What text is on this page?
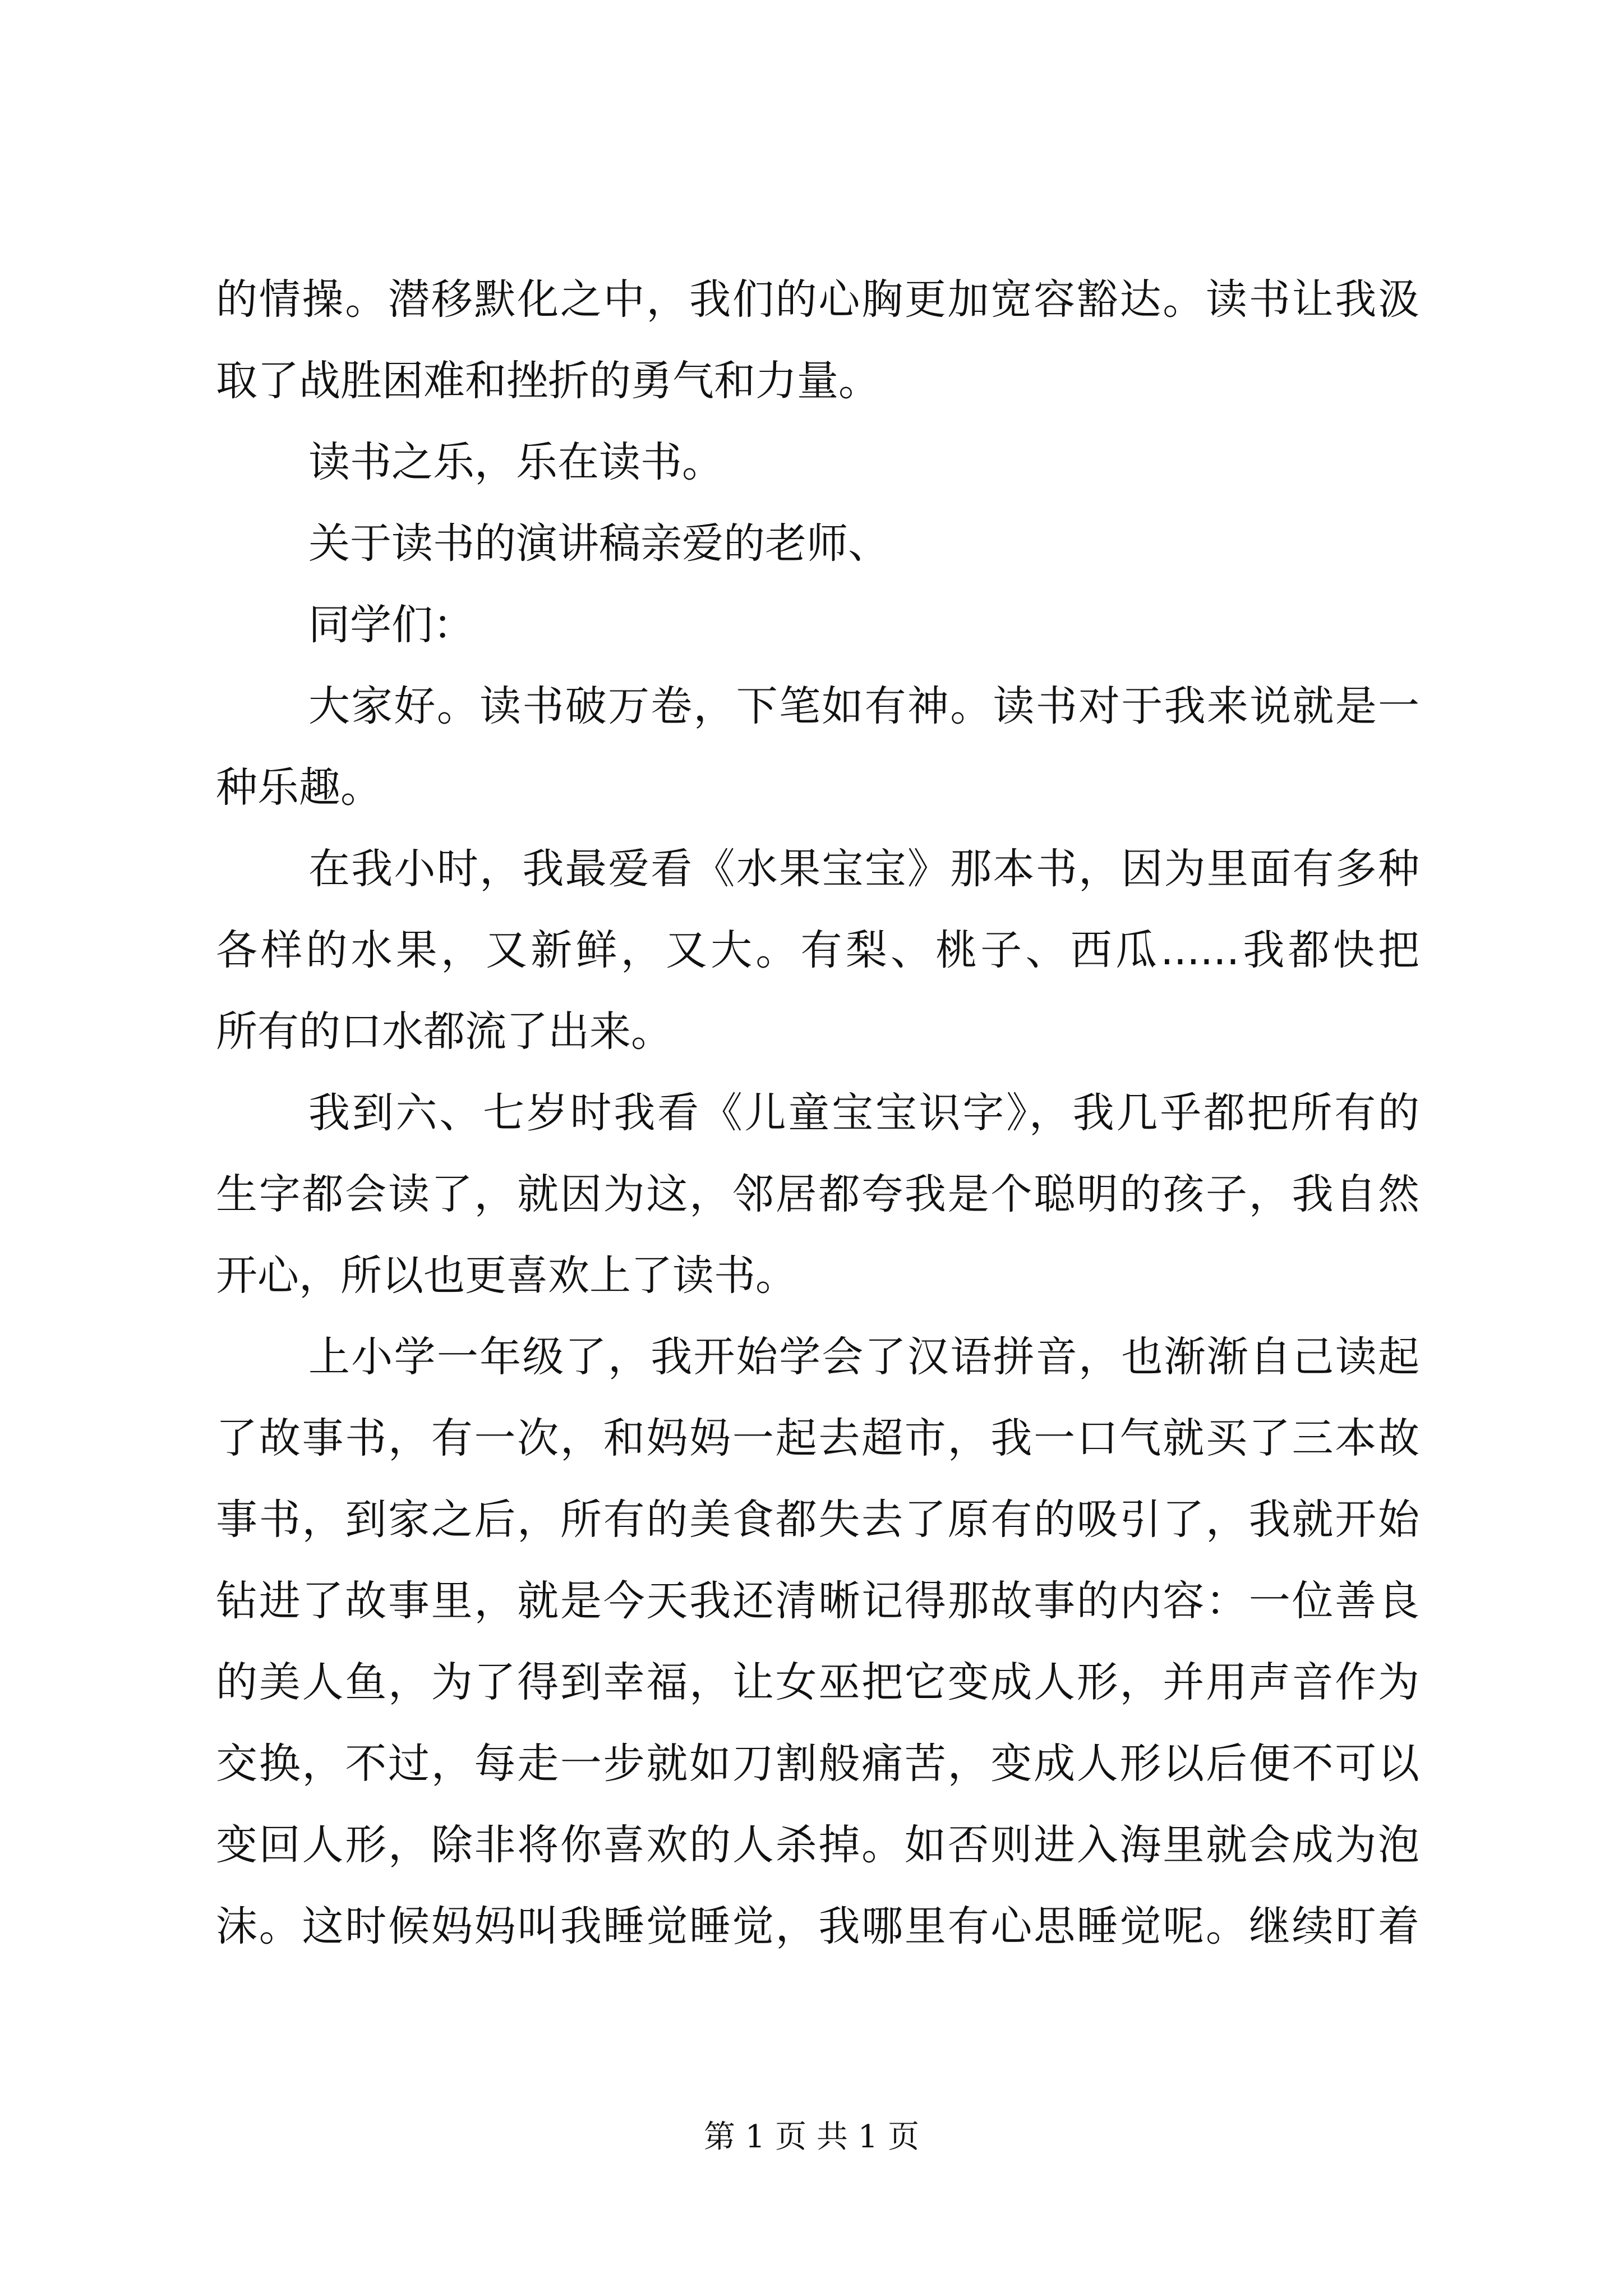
的情操。潜移默化之中，我们的心胸更加宽容豁达。读书让我汲
取了战胜困难和挫折的勇气和力量。
读书之乐，乐在读书。
关于读书的演讲稿亲爱的老师、
同学们：
大家好。读书破万卷，下笔如有神。读书对于我来说就是一
种乐趣。
在我小时，我最爱看《水果宝宝》那本书，因为里面有多种
各样的水果，又新鲜，又大。有梨、桃子、西瓜......我都快把
所有的口水都流了出来。
我到六、七岁时我看《儿童宝宝识字》，我几乎都把所有的
生字都会读了，就因为这，邻居都夸我是个聪明的孩子，我自然
开心，所以也更喜欢上了读书。
上小学一年级了，我开始学会了汉语拼音，也渐渐自己读起
了故事书，有一次，和妈妈一起去超市，我一口气就买了三本故
事书，到家之后，所有的美食都失去了原有的吸引了，我就开始
钻进了故事里，就是今天我还清晰记得那故事的内容：一位善良
的美人鱼，为了得到幸福，让女巫把它变成人形，并用声音作为
交换，不过，每走一步就如刀割般痛苦，变成人形以后便不可以
变回人形，除非将你喜欢的人杀掉。如否则进入海里就会成为泡
沫。这时候妈妈叫我睡觉睡觉，我哪里有心思睡觉呢。继续盯着
第 1 页 共 1 页
